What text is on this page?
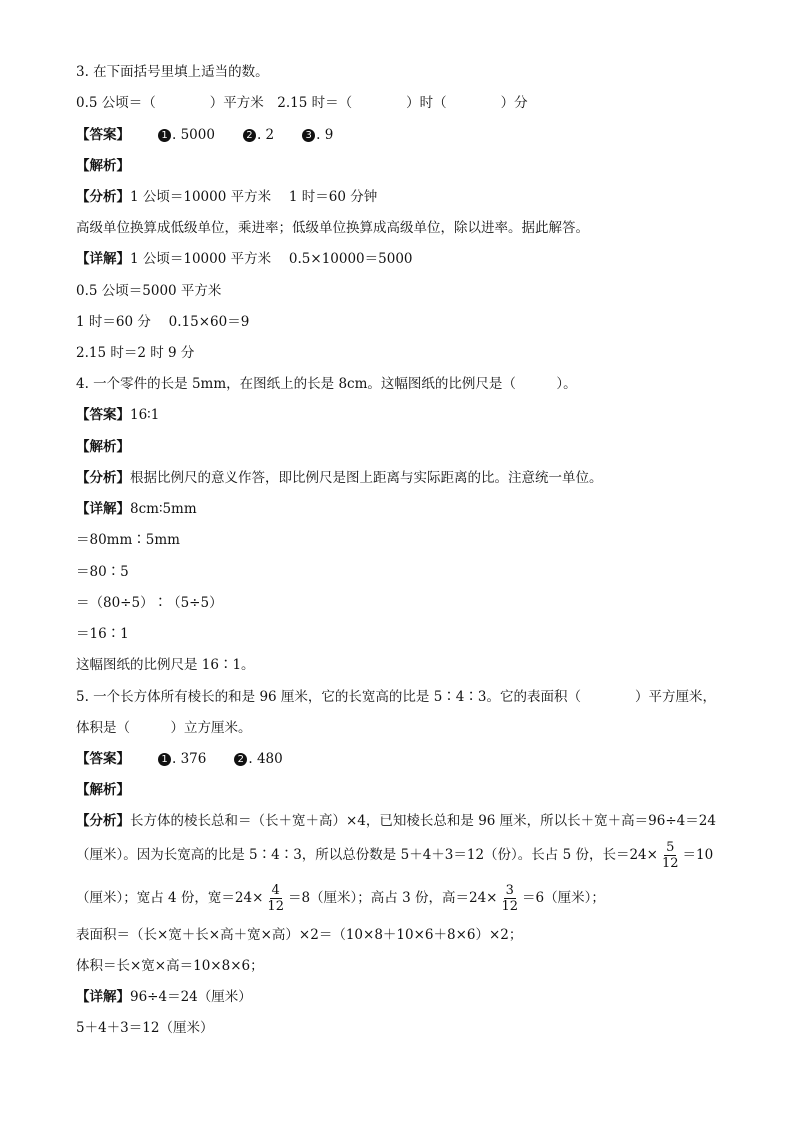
3. 在下面括号里填上适当的数。
0.5 公顷＝（　　　　）平方米　2.15 时＝（　　　　）时（　　　　）分
【答案】	1 . 5000	2 . 2	3 . 9
【解析】
【分析】1 公顷＝10000 平方米　 1 时＝60 分钟
高级单位换算成低级单位，乘进率；低级单位换算成高级单位，除以进率。据此解答。
【详解】1 公顷＝10000 平方米　 0.5×10000＝5000
0.5 公顷＝5000 平方米
1 时＝60 分　 0.15×60＝9
2.15 时＝2 时 9 分
4. 一个零件的长是 5mm，在图纸上的长是 8cm。这幅图纸的比例尺是（　　　）。
【答案】16∶1
【解析】
【分析】根据比例尺的意义作答，即比例尺是图上距离与实际距离的比。注意统一单位。
【详解】8cm∶5mm
＝80mm∶5mm
＝80∶5
＝（80÷5）∶（5÷5）
＝16∶1
这幅图纸的比例尺是 16∶1。
5. 一个长方体所有棱长的和是 96 厘米，它的长宽高的比是 5∶4∶3。它的表面积（　　　　）平方厘米，
体积是（　　　）立方厘米。
【答案】	1 . 376	2 . 480
【解析】
【分析】长方体的棱长总和＝（长＋宽＋高）×4，已知棱长总和是 96 厘米，所以长＋宽＋高＝96÷4＝24
（厘米）。因为长宽高的比是 5∶4∶3，所以总份数是 5＋4＋3＝12（份）。长占 5 份，长$=24\times \frac{5}{12} =10$
（厘米）；宽占 4 份，宽$=24\times \frac{4}{12} =8$（厘米）；高占 3 份，高$=24\times \frac{3}{12} =6$（厘米）；
表面积＝（长×宽＋长×高＋宽×高）×2＝（10×8＋10×6＋8×6）×2；
体积＝长×宽×高＝10×8×6；
【详解】96÷4＝24（厘米）
5＋4＋3＝12（厘米）
